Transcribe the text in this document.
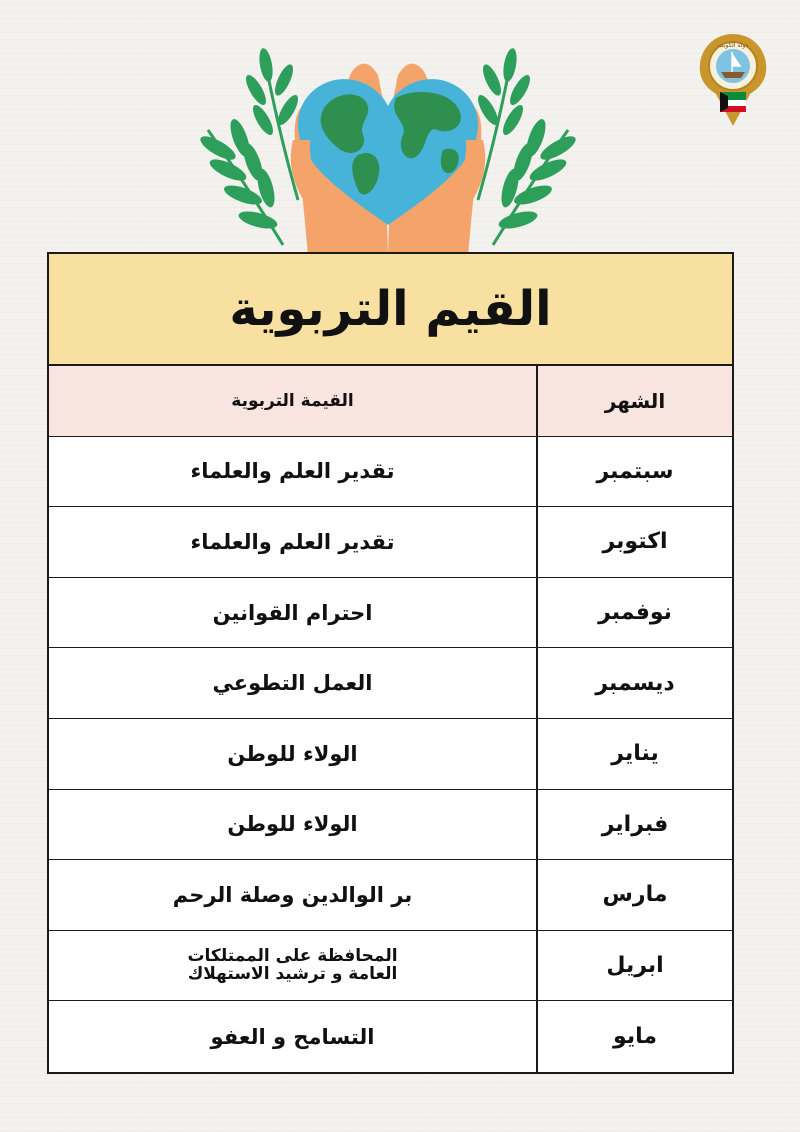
دولة الكويت
القيم التربوية
الشهر
القيمة التربوية
سبتمبر
تقدير العلم والعلماء
اكتوبر
تقدير العلم والعلماء
نوفمبر
احترام القوانين
ديسمبر
العمل التطوعي
يناير
الولاء للوطن
فبراير
الولاء للوطن
مارس
بر الوالدين وصلة الرحم
ابريل
المحافظة على الممتلكات
العامة و ترشيد الاستهلاك
مايو
التسامح و العفو
